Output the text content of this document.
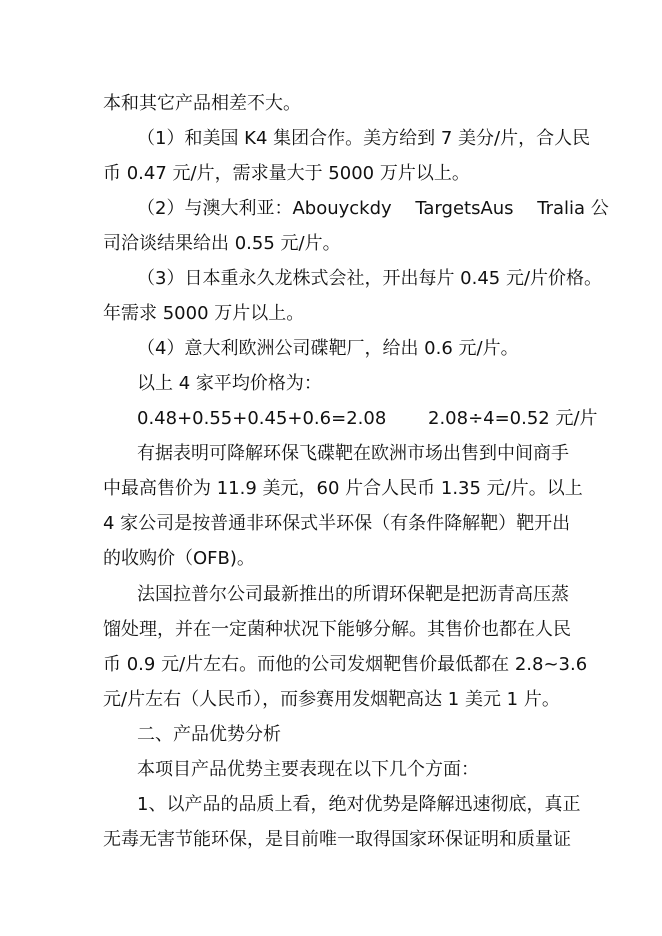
本和其它产品相差不大。
（1）和美国 K4 集团合作。美方给到 7 美分/片，合人民
币 0.47 元/片，需求量大于 5000 万片以上。
（2）与澳大利亚：Abouyckdy　 TargetsAus　 Tralia 公
司洽谈结果给出 0.55 元/片。
（3）日本重永久龙株式会社，开出每片 0.45 元/片价格。
年需求 5000 万片以上。
（4）意大利欧洲公司碟靶厂，给出 0.6 元/片。
以上 4 家平均价格为：
0.48+0.55+0.45+0.6=2.08　　 2.08÷4=0.52 元/片
有据表明可降解环保飞碟靶在欧洲市场出售到中间商手
中最高售价为 11.9 美元，60 片合人民币 1.35 元/片。以上
4 家公司是按普通非环保式半环保（有条件降解靶）靶开出
的收购价（OFB)。
法国拉普尔公司最新推出的所谓环保靶是把沥青高压蒸
馏处理，并在一定菌种状况下能够分解。其售价也都在人民
币 0.9 元/片左右。而他的公司发烟靶售价最低都在 2.8~3.6
元/片左右（人民币），而参赛用发烟靶高达 1 美元 1 片。
二、产品优势分析
本项目产品优势主要表现在以下几个方面：
1、以产品的品质上看，绝对优势是降解迅速彻底，真正
无毒无害节能环保，是目前唯一取得国家环保证明和质量证
